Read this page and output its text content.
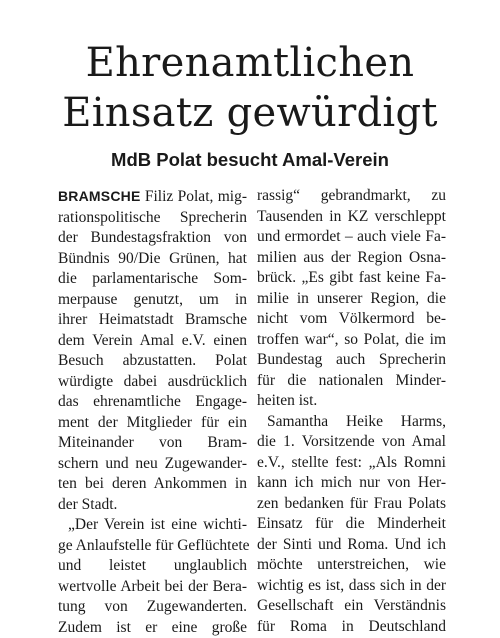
Ehrenamtlichen
Einsatz gewürdigt
MdB Polat besucht Amal-Verein

BRAMSCHE Filiz Polat, mig-
rationspolitische Sprecherin
der Bundestagsfraktion von
Bündnis 90/Die Grünen, hat
die parlamentarische Som-
merpause genutzt, um in
ihrer Heimatstadt Bramsche
dem Verein Amal e.V. einen
Besuch abzustatten. Polat
würdigte dabei ausdrücklich
das ehrenamtliche Engage-
ment der Mitglieder für ein
Miteinander von Bram-
schern und neu Zugewander-
ten bei deren Ankommen in
der Stadt.

„Der Verein ist eine wichti-
ge Anlaufstelle für Geflüchtete
und leistet unglaublich
wertvolle Arbeit bei der Bera-
tung von Zugewanderten.
Zudem ist er eine große

rassig“ gebrandmarkt, zu
Tausenden in KZ verschleppt
und ermordet – auch viele Fa-
milien aus der Region Osna-
brück. „Es gibt fast keine Fa-
milie in unserer Region, die
nicht vom Völkermord be-
troffen war“, so Polat, die im
Bundestag auch Sprecherin
für die nationalen Minder-
heiten ist.

Samantha Heike Harms,
die 1. Vorsitzende von Amal
e.V., stellte fest: „Als Romni
kann ich mich nur von Her-
zen bedanken für Frau Polats
Einsatz für die Minderheit
der Sinti und Roma. Und ich
möchte unterstreichen, wie
wichtig es ist, dass sich in der
Gesellschaft ein Verständnis
für Roma in Deutschland
